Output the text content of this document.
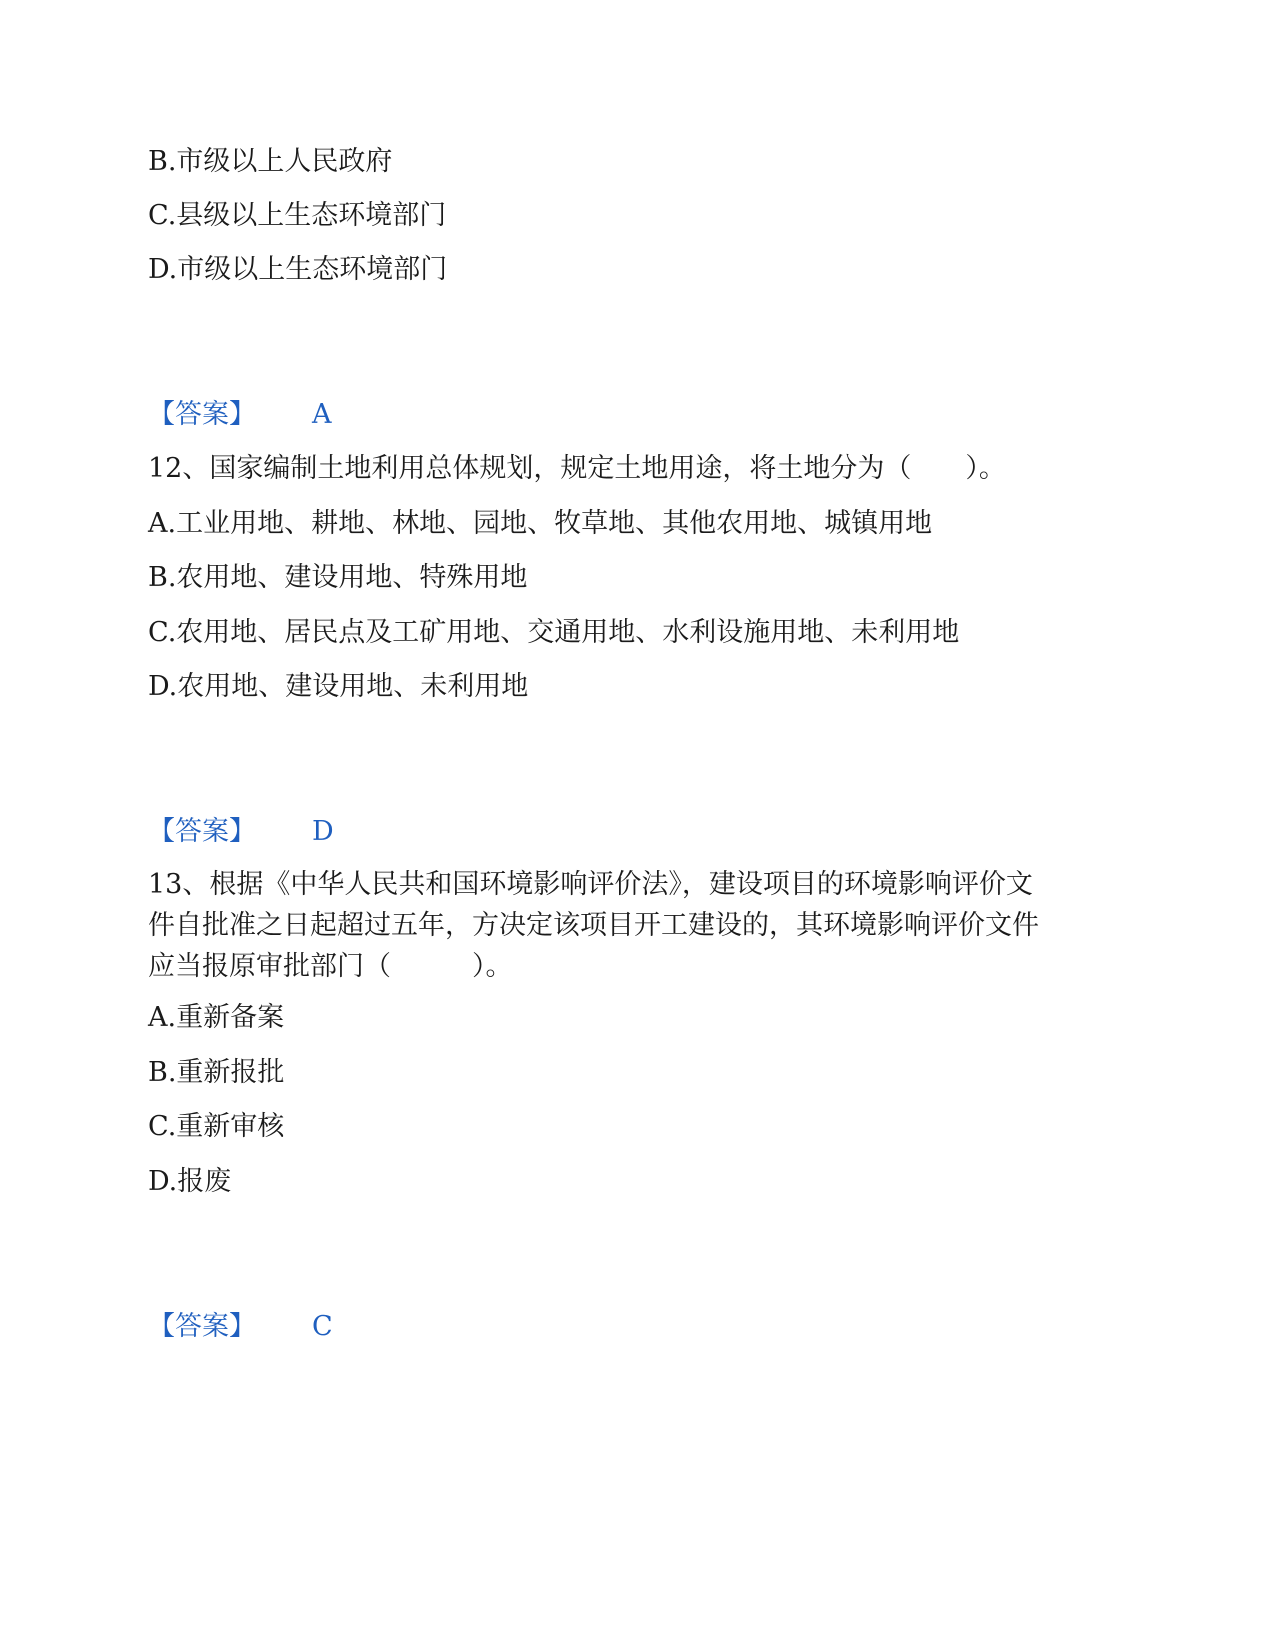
B.市级以上人民政府
C.县级以上生态环境部门
D.市级以上生态环境部门
【答案】 A
12、国家编制土地利用总体规划，规定土地用途，将土地分为（　　）。
A.工业用地、耕地、林地、园地、牧草地、其他农用地、城镇用地
B.农用地、建设用地、特殊用地
C.农用地、居民点及工矿用地、交通用地、水利设施用地、未利用地
D.农用地、建设用地、未利用地
【答案】 D
13、根据《中华人民共和国环境影响评价法》，建设项目的环境影响评价文
件自批准之日起超过五年，方决定该项目开工建设的，其环境影响评价文件
应当报原审批部门（　　　）。
A.重新备案
B.重新报批
C.重新审核
D.报废
【答案】 C
